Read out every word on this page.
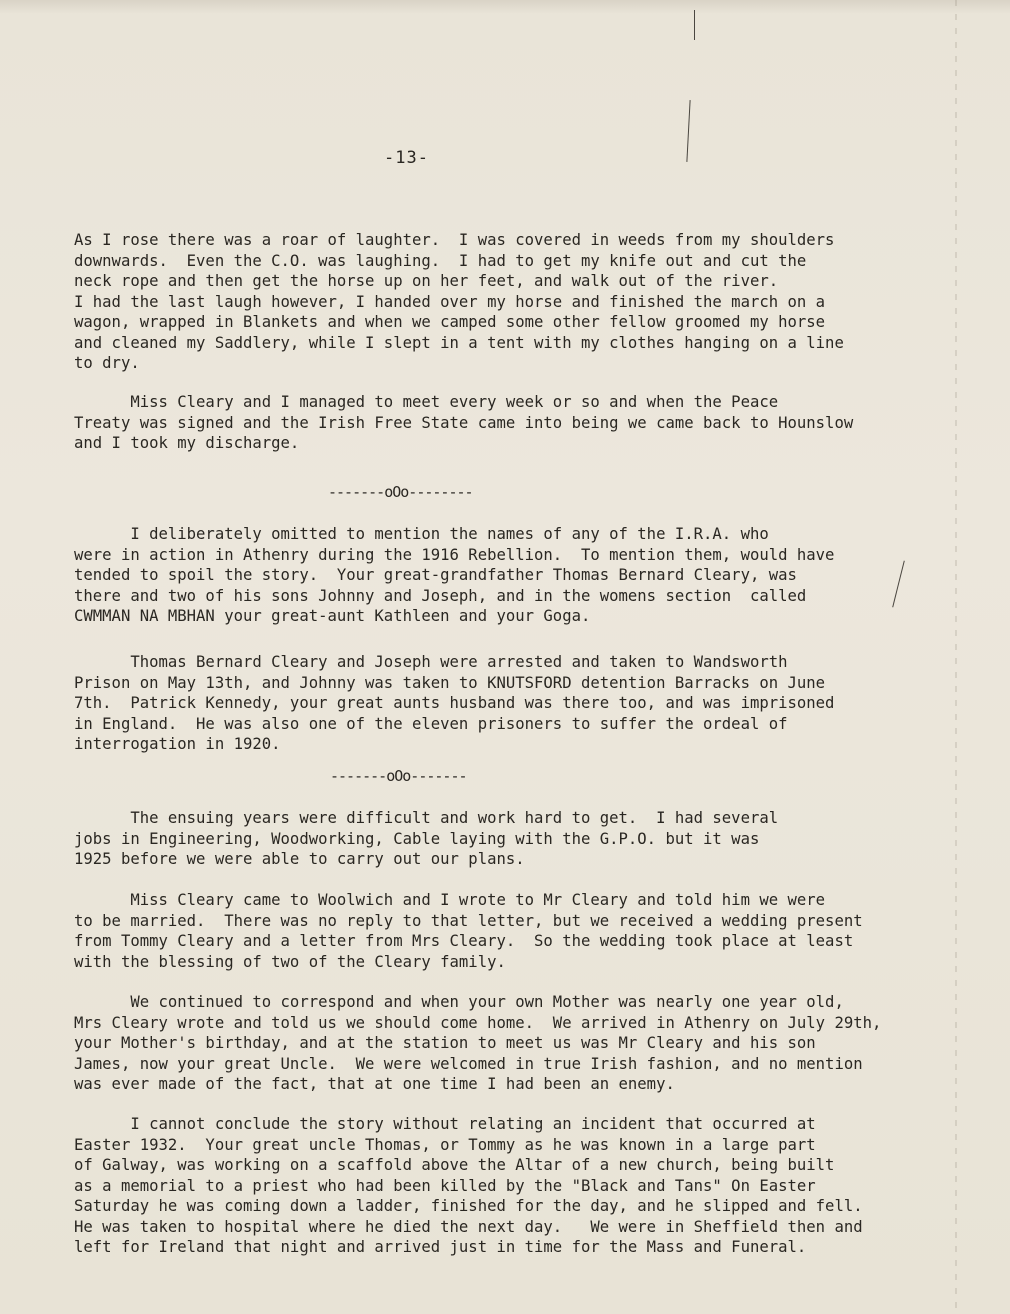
-13-
As I rose there was a roar of laughter.  I was covered in weeds from my shoulders
downwards.  Even the C.O. was laughing.  I had to get my knife out and cut the
neck rope and then get the horse up on her feet, and walk out of the river.
I had the last laugh however, I handed over my horse and finished the march on a
wagon, wrapped in Blankets and when we camped some other fellow groomed my horse
and cleaned my Saddlery, while I slept in a tent with my clothes hanging on a line
to dry.
Miss Cleary and I managed to meet every week or so and when the Peace
Treaty was signed and the Irish Free State came into being we came back to Hounslow
and I took my discharge.
-------oOo--------
I deliberately omitted to mention the names of any of the I.R.A. who
were in action in Athenry during the 1916 Rebellion.  To mention them, would have
tended to spoil the story.  Your great-grandfather Thomas Bernard Cleary, was
there and two of his sons Johnny and Joseph, and in the womens section  called
CWMMAN NA MBHAN your great-aunt Kathleen and your Goga.
Thomas Bernard Cleary and Joseph were arrested and taken to Wandsworth
Prison on May 13th, and Johnny was taken to KNUTSFORD detention Barracks on June
7th.  Patrick Kennedy, your great aunts husband was there too, and was imprisoned
in England.  He was also one of the eleven prisoners to suffer the ordeal of
interrogation in 1920.
-------oOo-------
The ensuing years were difficult and work hard to get.  I had several
jobs in Engineering, Woodworking, Cable laying with the G.P.O. but it was
1925 before we were able to carry out our plans.
Miss Cleary came to Woolwich and I wrote to Mr Cleary and told him we were
to be married.  There was no reply to that letter, but we received a wedding present
from Tommy Cleary and a letter from Mrs Cleary.  So the wedding took place at least
with the blessing of two of the Cleary family.
We continued to correspond and when your own Mother was nearly one year old,
Mrs Cleary wrote and told us we should come home.  We arrived in Athenry on July 29th,
your Mother's birthday, and at the station to meet us was Mr Cleary and his son
James, now your great Uncle.  We were welcomed in true Irish fashion, and no mention
was ever made of the fact, that at one time I had been an enemy.
I cannot conclude the story without relating an incident that occurred at
Easter 1932.  Your great uncle Thomas, or Tommy as he was known in a large part
of Galway, was working on a scaffold above the Altar of a new church, being built
as a memorial to a priest who had been killed by the "Black and Tans" On Easter
Saturday he was coming down a ladder, finished for the day, and he slipped and fell.
He was taken to hospital where he died the next day.   We were in Sheffield then and
left for Ireland that night and arrived just in time for the Mass and Funeral.
